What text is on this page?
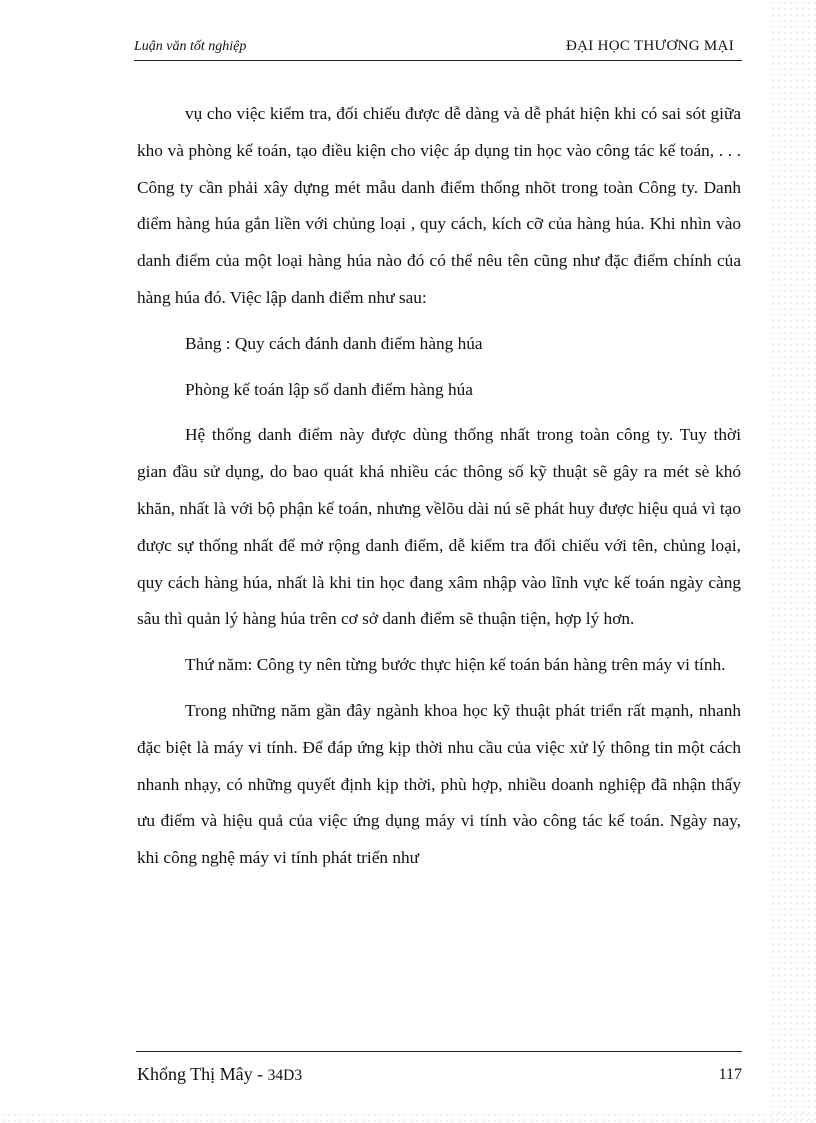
Luận văn tốt nghiệp	ĐẠI HỌC THƯƠNG MẠI

vụ cho việc kiểm tra, đối chiếu được dễ dàng và dễ phát hiện khi có sai sót giữa kho và phòng kế toán, tạo điều kiện cho việc áp dụng tin học vào công tác kế toán, . . . Công ty cần phải xây dựng mét mẫu danh điểm thống nhõt trong toàn Công ty. Danh điểm hàng húa gắn liền với chủng loại , quy cách, kích cỡ của hàng húa. Khi nhìn vào danh điểm của một loại hàng húa nào đó có thể nêu tên cũng như đặc điểm chính của hàng húa đó. Việc lập danh điểm như sau:

Bảng : Quy cách đánh danh điểm hàng húa

Phòng kế toán lập sổ danh điểm hàng húa

Hệ thống danh điểm này được dùng thống nhất trong toàn công ty. Tuy thời gian đầu sử dụng, do bao quát khá nhiều các thông số kỹ thuật sẽ gây ra mét sè khó khăn, nhất là với bộ phận kế toán, nhưng vềlõu dài nú sẽ phát huy được hiệu quả vì tạo được sự thống nhất để mở rộng danh điểm, dễ kiểm tra đối chiếu với tên, chủng loại, quy cách hàng húa, nhất là khi tin học đang xâm nhập vào lĩnh vực kế toán ngày càng sâu thì quản lý hàng húa trên cơ sở danh điểm sẽ thuận tiện, hợp lý hơn.

Thứ năm: Công ty nên từng bước thực hiện kế toán bán hàng trên máy vi tính.

Trong những năm gần đây ngành khoa học kỹ thuật phát triển rất mạnh, nhanh đặc biệt là máy vi tính. Để đáp ứng kịp thời nhu cầu của việc xử lý thông tin một cách nhanh nhạy, có những quyết định kịp thời, phù hợp, nhiều doanh nghiệp đã nhận thấy ưu điểm và hiệu quả của việc ứng dụng máy vi tính vào công tác kế toán. Ngày nay, khi công nghệ máy vi tính phát triển như

Khổng Thị Mây - 34D3	117
